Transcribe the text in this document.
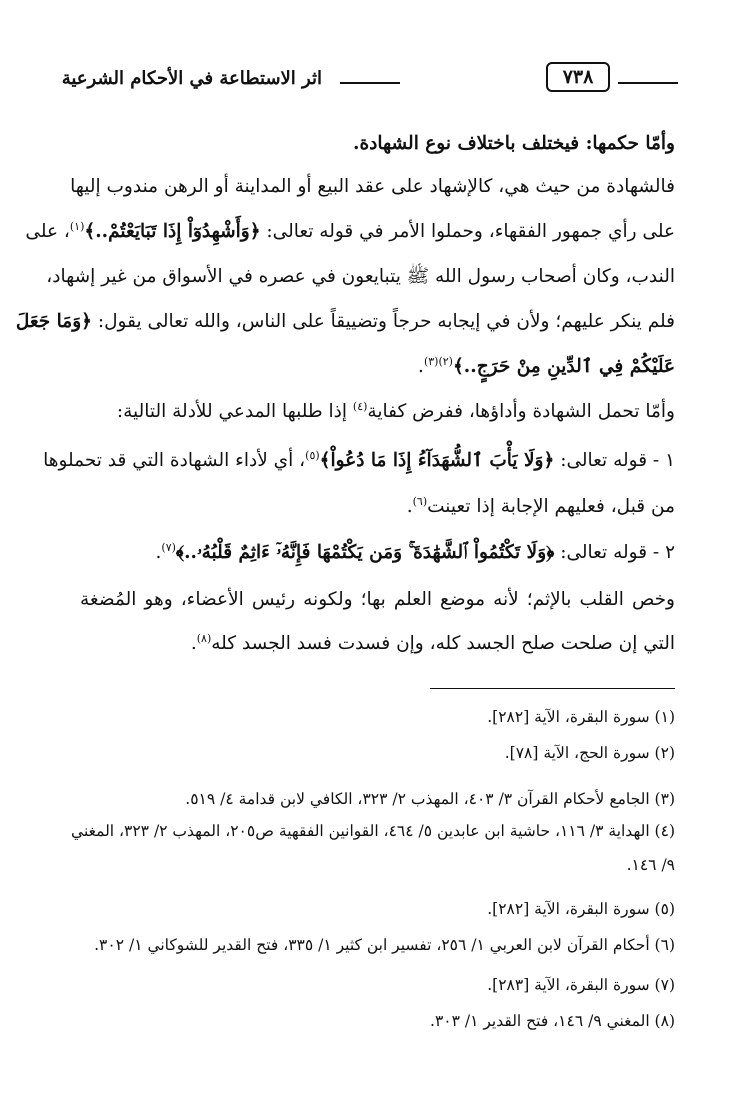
اثر الاستطاعة في الأحكام الشرعية	٧٣٨
وأمّا حكمها: فيختلف باختلاف نوع الشهادة.
فالشهادة من حيث هي، كالإشهاد على عقد البيع أو المداينة أو الرهن مندوب إليها
على رأي جمهور الفقهاء، وحملوا الأمر في قوله تعالى: ﴿وَأَشْهِدُوٓاْ إِذَا تَبَايَعْتُمْ..﴾$^{(١)}$، على
الندب، وكان أصحاب رسول الله ﷺ يتبايعون في عصره في الأسواق من غير إشهاد،
فلم ينكر عليهم؛ ولأن في إيجابه حرجاً وتضييقاً على الناس، والله تعالى يقول: ﴿وَمَا جَعَلَ
عَلَيْكُمْ فِي ٱلدِّينِ مِنْ حَرَجٍ..﴾$^{(٢)(٣)}$.
وأمّا تحمل الشهادة وأداؤها، ففرض كفاية$^{(٤)}$ إذا طلبها المدعي للأدلة التالية:
١ - قوله تعالى: ﴿وَلَا يَأْبَ ٱلشُّهَدَآءُ إِذَا مَا دُعُواْ﴾$^{(٥)}$، أي لأداء الشهادة التي قد تحملوها
من قبل، فعليهم الإجابة إذا تعينت$^{(٦)}$.
٢ - قوله تعالى: ﴿وَلَا تَكْتُمُواْ ٱلشَّهَٰدَةَ ۚ وَمَن يَكْتُمْهَا فَإِنَّهُۥٓ ءَاثِمٌ قَلْبُهُۥ..﴾$^{(٧)}$.
وخص القلب بالإثم؛ لأنه موضع العلم بها؛ ولكونه رئيس الأعضاء، وهو المُضغة
التي إن صلحت صلح الجسد كله، وإن فسدت فسد الجسد كله$^{(٨)}$.
(١) سورة البقرة، الآية [٢٨٢].
(٢) سورة الحج، الآية [٧٨].
(٣) الجامع لأحكام القرآن ٣/ ٤٠٣، المهذب ٢/ ٣٢٣، الكافي لابن قدامة ٤/ ٥١٩.
(٤) الهداية ٣/ ١١٦، حاشية ابن عابدين ٥/ ٤٦٤، القوانين الفقهية ص٢٠٥، المهذب ٢/ ٣٢٣، المغني
٩/ ١٤٦.
(٥) سورة البقرة، الآية [٢٨٢].
(٦) أحكام القرآن لابن العربي ١/ ٢٥٦، تفسير ابن كثير ١/ ٣٣٥، فتح القدير للشوكاني ١/ ٣٠٢.
(٧) سورة البقرة، الآية [٢٨٣].
(٨) المغني ٩/ ١٤٦، فتح القدير ١/ ٣٠٣.
